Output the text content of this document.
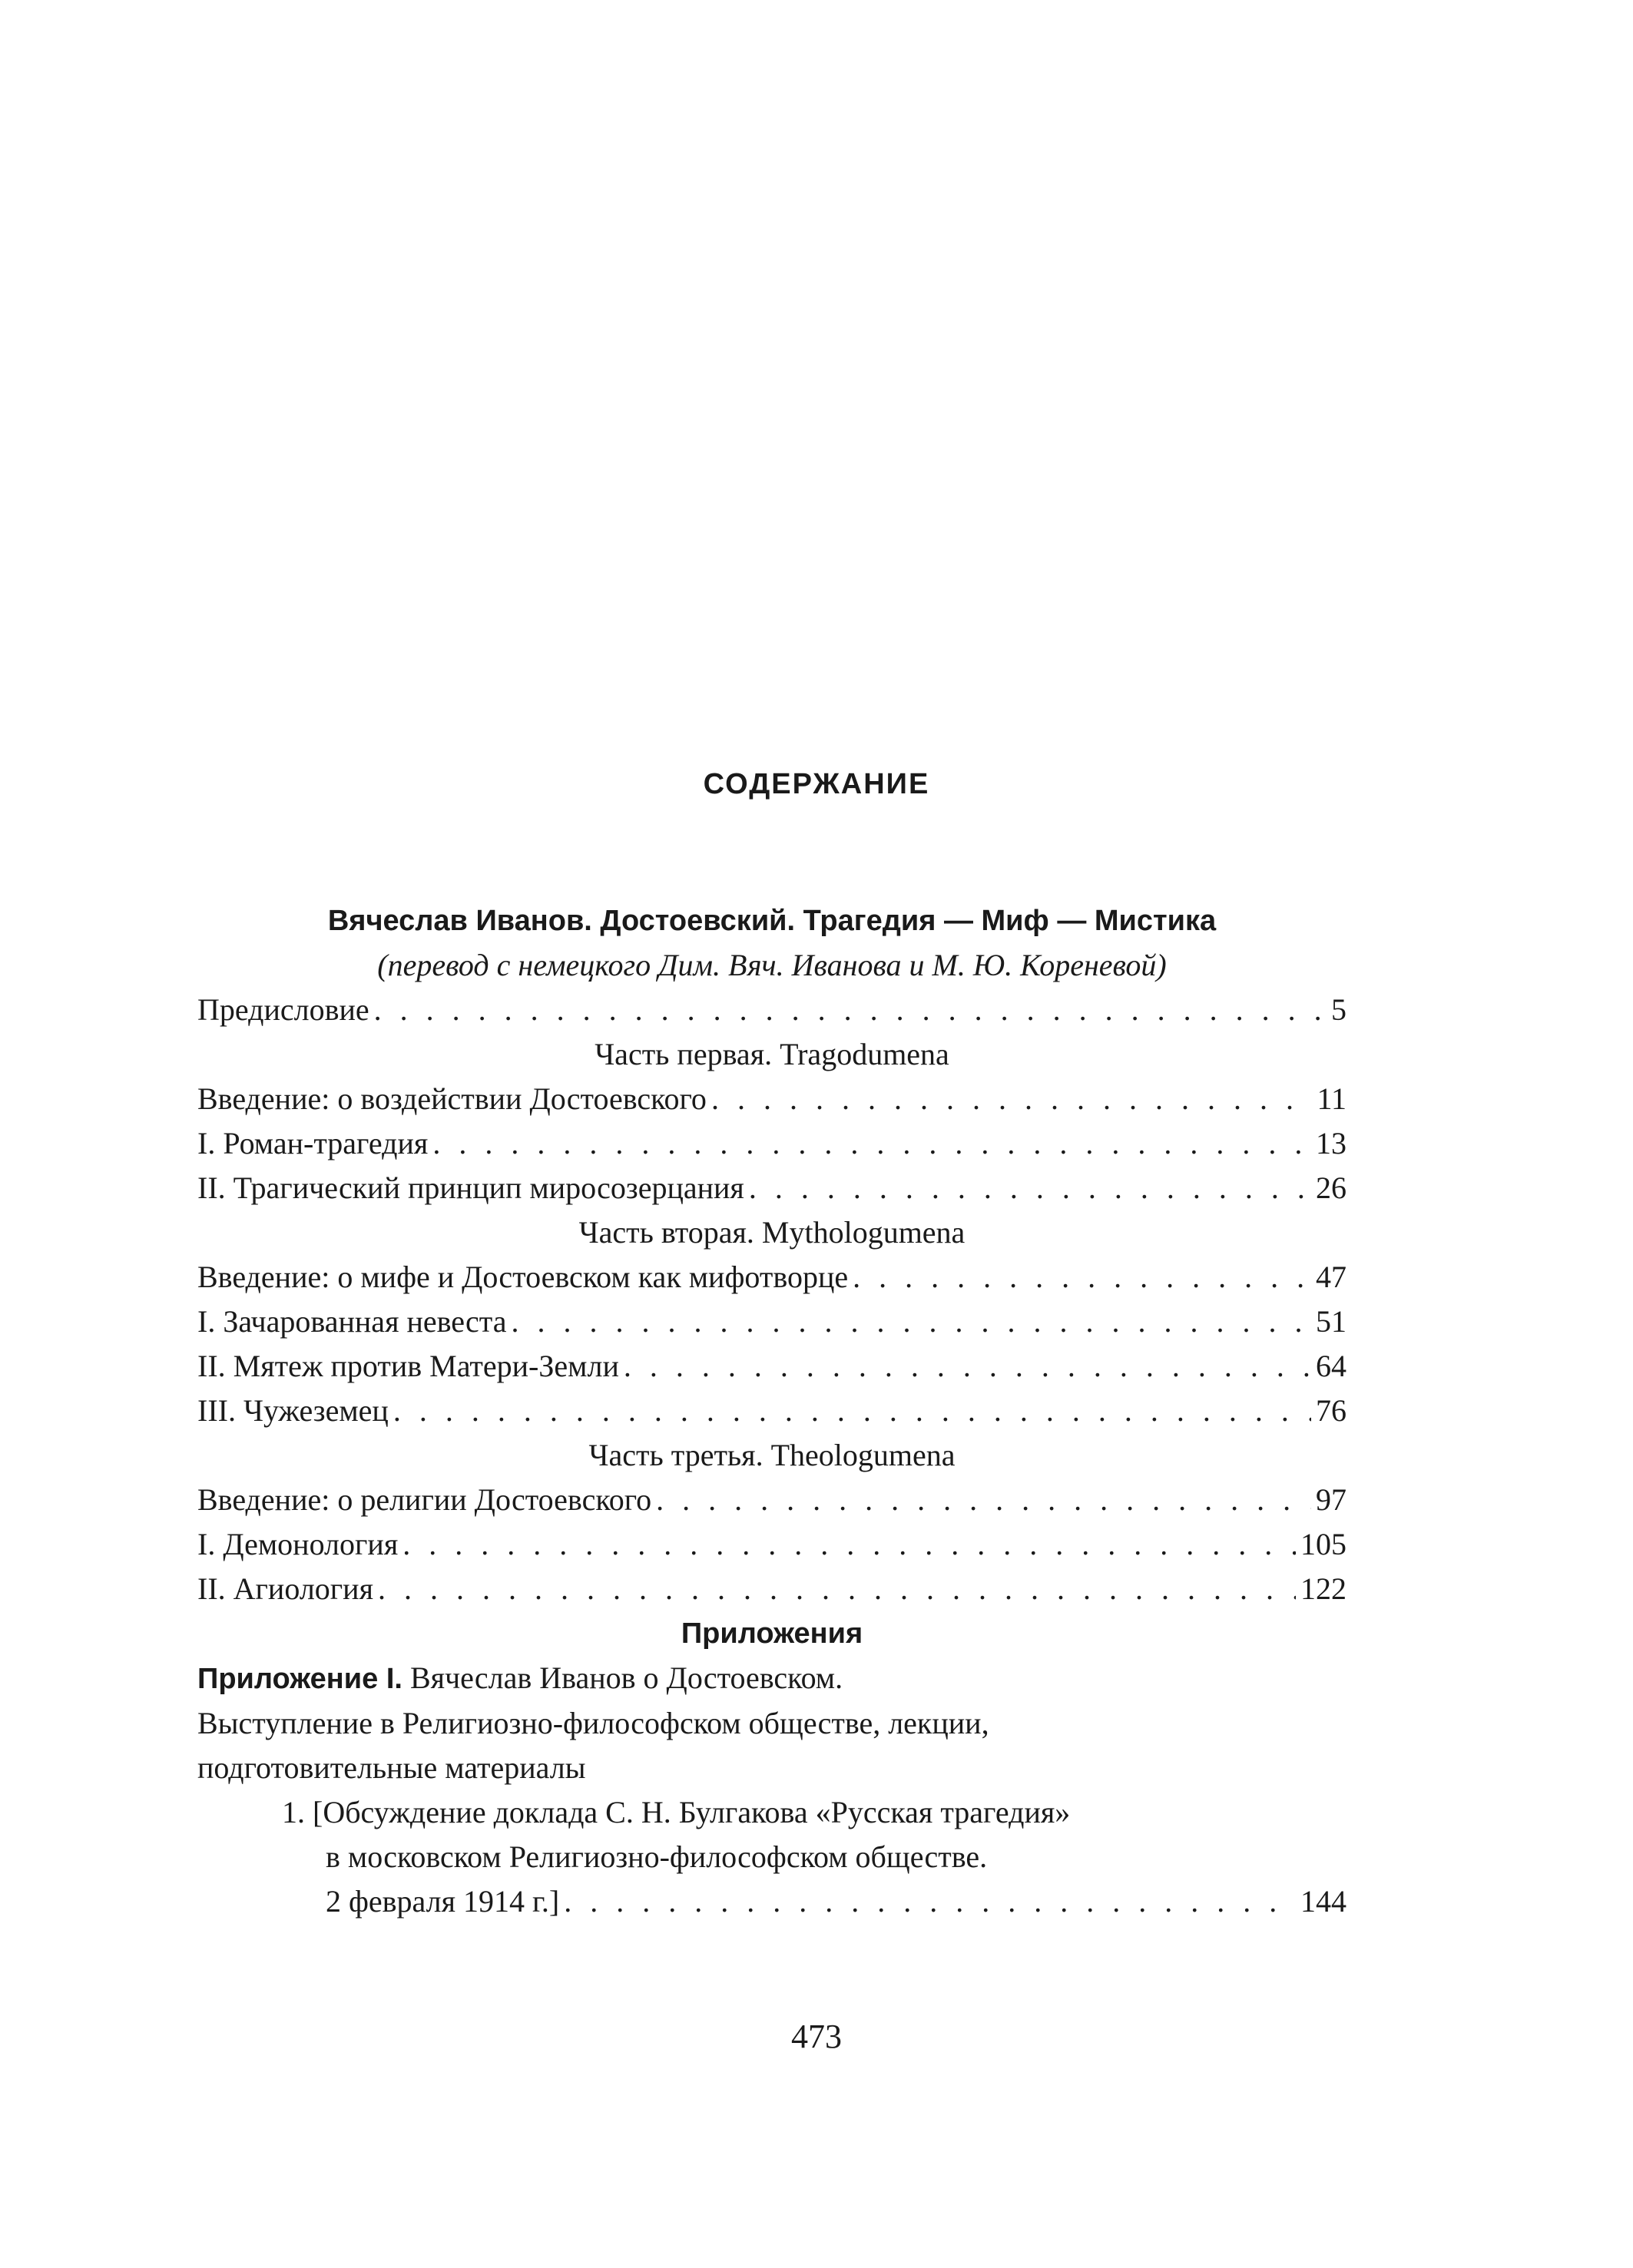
СОДЕРЖАНИЕ
Вячеслав Иванов. Достоевский. Трагедия — Миф — Мистика
(перевод с немецкого Дим. Вяч. Иванова и М. Ю. Кореневой)
Предисловие . . .	5
Часть первая. Tragodumena
Введение: о воздействии Достоевского . . .	11
I. Роман-трагедия . . .	13
II. Трагический принцип миросозерцания . . .	26
Часть вторая. Mythologumena
Введение: о мифе и Достоевском как мифотворце . . .	47
I. Зачарованная невеста . . .	51
II. Мятеж против Матери-Земли . . .	64
III. Чужеземец . . .	76
Часть третья. Theologumena
Введение: о религии Достоевского . . .	97
I. Демонология . . .	105
II. Агиология . . .	122
Приложения
Приложение I. Вячеслав Иванов о Достоевском.
Выступление в Религиозно-философском обществе, лекции,
подготовительные материалы
1. [Обсуждение доклада С. Н. Булгакова «Русская трагедия»
в московском Религиозно-философском обществе.
2 февраля 1914 г.] . . .	144
473
